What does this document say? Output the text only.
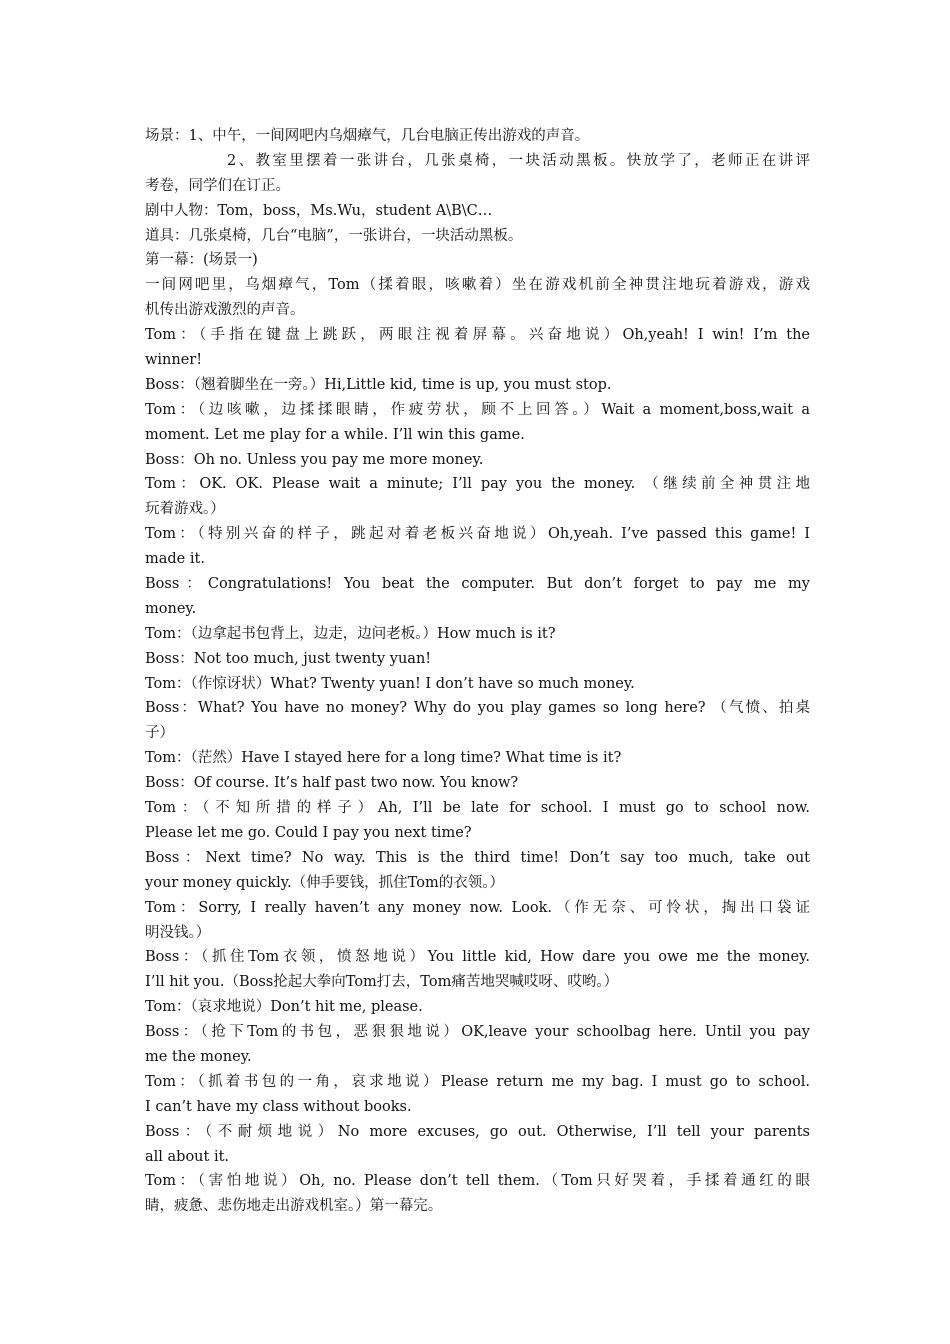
场景：1、中午，一间网吧内乌烟瘴气，几台电脑正传出游戏的声音。
2、教室里摆着一张讲台，几张桌椅，一块活动黑板。快放学了，老师正在讲评
考卷，同学们在订正。
剧中人物：Tom，boss，Ms.Wu，student A\B\C…
道具：几张桌椅，几台“电脑”，一张讲台，一块活动黑板。
第一幕：(场景一)
一间网吧里，乌烟瘴气，Tom（揉着眼，咳嗽着）坐在游戏机前全神贯注地玩着游戏，游戏
机传出游戏激烈的声音。
Tom：（手指在键盘上跳跃，两眼注视着屏幕。兴奋地说）Oh,yeah! I win! I’m the
winner!
Boss：（翘着脚坐在一旁。）Hi,Little kid, time is up, you must stop.
Tom：（边咳嗽，边揉揉眼睛，作疲劳状，顾不上回答。）Wait a moment,boss,wait a
moment. Let me play for a while. I’ll win this game.
Boss：Oh no. Unless you pay me more money.
Tom：OK. OK. Please wait a minute; I’ll pay you the money. （继续前全神贯注地
玩着游戏。）
Tom：（特别兴奋的样子，跳起对着老板兴奋地说）Oh,yeah. I’ve passed this game! I
made it.
Boss：Congratulations! You beat the computer. But don’t forget to pay me my
money.
Tom：（边拿起书包背上，边走，边问老板。）How much is it?
Boss：Not too much, just twenty yuan!
Tom：（作惊讶状）What? Twenty yuan! I don’t have so much money.
Boss：What? You have no money? Why do you play games so long here? （气愤、拍桌
子）
Tom：（茫然）Have I stayed here for a long time? What time is it?
Boss：Of course. It’s half past two now. You know?
Tom：（不知所措的样子）Ah, I’ll be late for school. I must go to school now.
Please let me go. Could I pay you next time?
Boss：Next time? No way. This is the third time! Don’t say too much, take out
your money quickly.（伸手要钱，抓住Tom的衣领。）
Tom：Sorry, I really haven’t any money now. Look.（作无奈、可怜状，掏出口袋证
明没钱。）
Boss：（抓住Tom衣领，愤怒地说）You little kid, How dare you owe me the money.
I’ll hit you.（Boss抡起大拳向Tom打去，Tom痛苦地哭喊哎呀、哎哟。）
Tom：（哀求地说）Don’t hit me, please.
Boss：（抢下Tom的书包，恶狠狠地说）OK,leave your schoolbag here. Until you pay
me the money.
Tom：（抓着书包的一角，哀求地说）Please return me my bag. I must go to school.
I can’t have my class without books.
Boss：（不耐烦地说）No more excuses, go out. Otherwise, I’ll tell your parents
all about it.
Tom：（害怕地说）Oh, no. Please don’t tell them.（Tom只好哭着，手揉着通红的眼
睛，疲惫、悲伤地走出游戏机室。）第一幕完。
